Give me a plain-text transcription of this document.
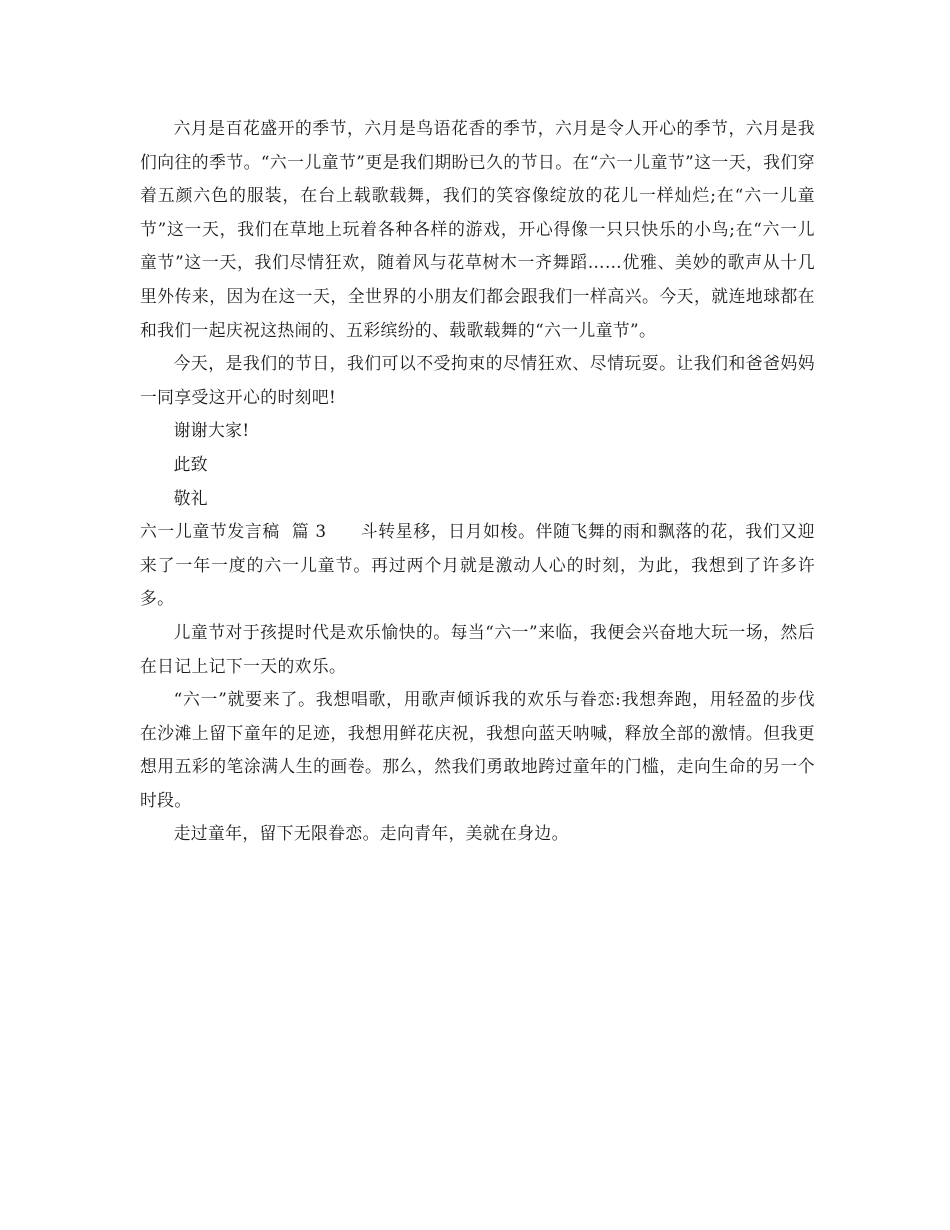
六月是百花盛开的季节，六月是鸟语花香的季节，六月是令人开心的季节，六月是我们向往的季节。“六一儿童节”更是我们期盼已久的节日。在“六一儿童节”这一天，我们穿着五颜六色的服装，在台上载歌载舞，我们的笑容像绽放的花儿一样灿烂;在“六一儿童节”这一天，我们在草地上玩着各种各样的游戏，开心得像一只只快乐的小鸟;在“六一儿童节”这一天，我们尽情狂欢，随着风与花草树木一齐舞蹈……优雅、美妙的歌声从十几里外传来，因为在这一天，全世界的小朋友们都会跟我们一样高兴。今天，就连地球都在和我们一起庆祝这热闹的、五彩缤纷的、载歌载舞的“六一儿童节”。

今天，是我们的节日，我们可以不受拘束的尽情狂欢、尽情玩耍。让我们和爸爸妈妈一同享受这开心的时刻吧!

谢谢大家!

此致

敬礼

六一儿童节发言稿  篇 3 斗转星移，日月如梭。伴随飞舞的雨和飘落的花，我们又迎来了一年一度的六一儿童节。再过两个月就是激动人心的时刻，为此，我想到了许多许多。

儿童节对于孩提时代是欢乐愉快的。每当“六一”来临，我便会兴奋地大玩一场，然后在日记上记下一天的欢乐。

“六一”就要来了。我想唱歌，用歌声倾诉我的欢乐与眷恋:我想奔跑，用轻盈的步伐在沙滩上留下童年的足迹，我想用鲜花庆祝，我想向蓝天呐喊，释放全部的激情。但我更想用五彩的笔涂满人生的画卷。那么，然我们勇敢地跨过童年的门槛，走向生命的另一个时段。

走过童年，留下无限眷恋。走向青年，美就在身边。
